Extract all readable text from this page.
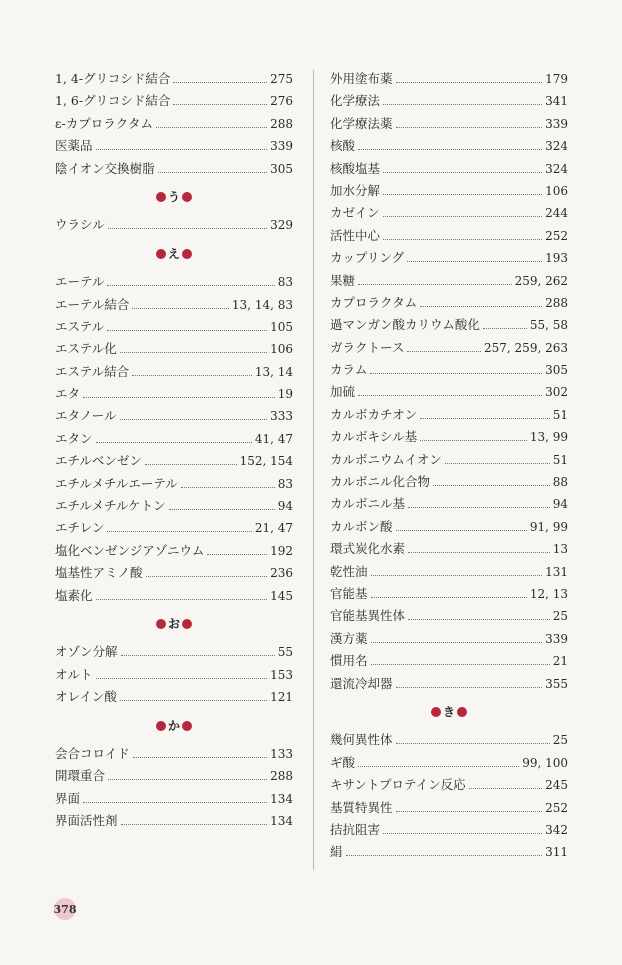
1, 4-グリコシド結合	275
1, 6-グリコシド結合	276
ε-カプロラクタム	288
医薬品	339
陰イオン交換樹脂	305
う
ウラシル	329
え
エーテル	83
エーテル結合	13, 14, 83
エステル	105
エステル化	106
エステル結合	13, 14
エタ	19
エタノール	333
エタン	41, 47
エチルベンゼン	152, 154
エチルメチルエーテル	83
エチルメチルケトン	94
エチレン	21, 47
塩化ベンゼンジアゾニウム	192
塩基性アミノ酸	236
塩素化	145
お
オゾン分解	55
オルト	153
オレイン酸	121
か
会合コロイド	133
開環重合	288
界面	134
界面活性剤	134
外用塗布薬	179
化学療法	341
化学療法薬	339
核酸	324
核酸塩基	324
加水分解	106
カゼイン	244
活性中心	252
カップリング	193
果糖	259, 262
カプロラクタム	288
過マンガン酸カリウム酸化	55, 58
ガラクトース	257, 259, 263
カラム	305
加硫	302
カルボカチオン	51
カルボキシル基	13, 99
カルボニウムイオン	51
カルボニル化合物	88
カルボニル基	94
カルボン酸	91, 99
環式炭化水素	13
乾性油	131
官能基	12, 13
官能基異性体	25
漢方薬	339
慣用名	21
還流冷却器	355
き
幾何異性体	25
ギ酸	99, 100
キサントプロテイン反応	245
基質特異性	252
拮抗阻害	342
絹	311
378
